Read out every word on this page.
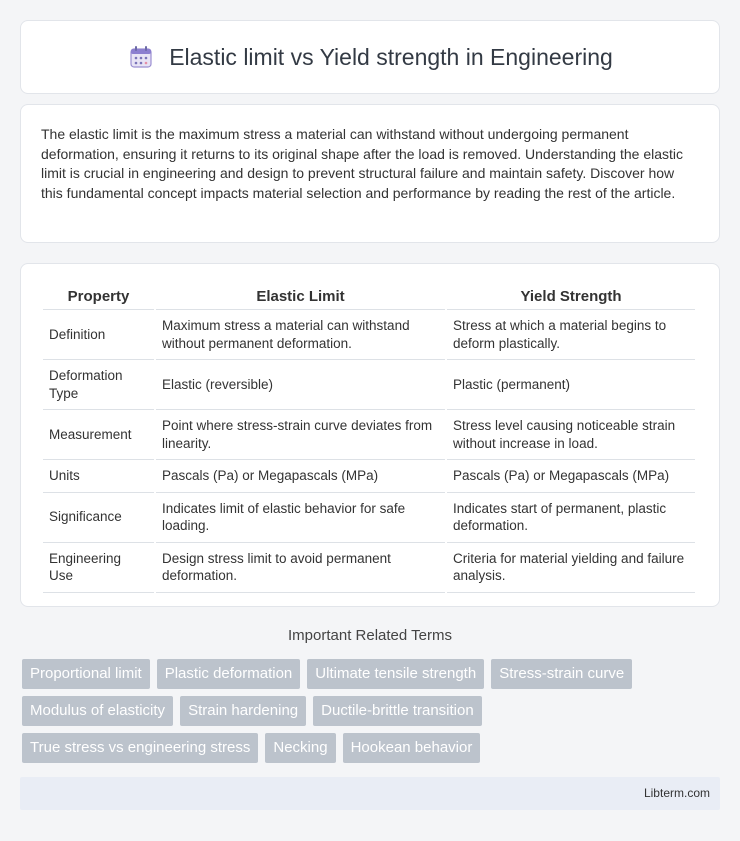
Elastic limit vs Yield strength in Engineering

The elastic limit is the maximum stress a material can withstand without undergoing permanent deformation, ensuring it returns to its original shape after the load is removed. Understanding the elastic limit is crucial in engineering and design to prevent structural failure and maintain safety. Discover how this fundamental concept impacts material selection and performance by reading the rest of the article.

Property	Elastic Limit	Yield Strength
Definition	Maximum stress a material can withstand without permanent deformation.	Stress at which a material begins to deform plastically.
Deformation Type	Elastic (reversible)	Plastic (permanent)
Measurement	Point where stress-strain curve deviates from linearity.	Stress level causing noticeable strain without increase in load.
Units	Pascals (Pa) or Megapascals (MPa)	Pascals (Pa) or Megapascals (MPa)
Significance	Indicates limit of elastic behavior for safe loading.	Indicates start of permanent, plastic deformation.
Engineering Use	Design stress limit to avoid permanent deformation.	Criteria for material yielding and failure analysis.
Important Related Terms
Proportional limit	Plastic deformation	Ultimate tensile strength	Stress-strain curve
Modulus of elasticity	Strain hardening	Ductile-brittle transition
True stress vs engineering stress	Necking	Hookean behavior
Libterm.com
